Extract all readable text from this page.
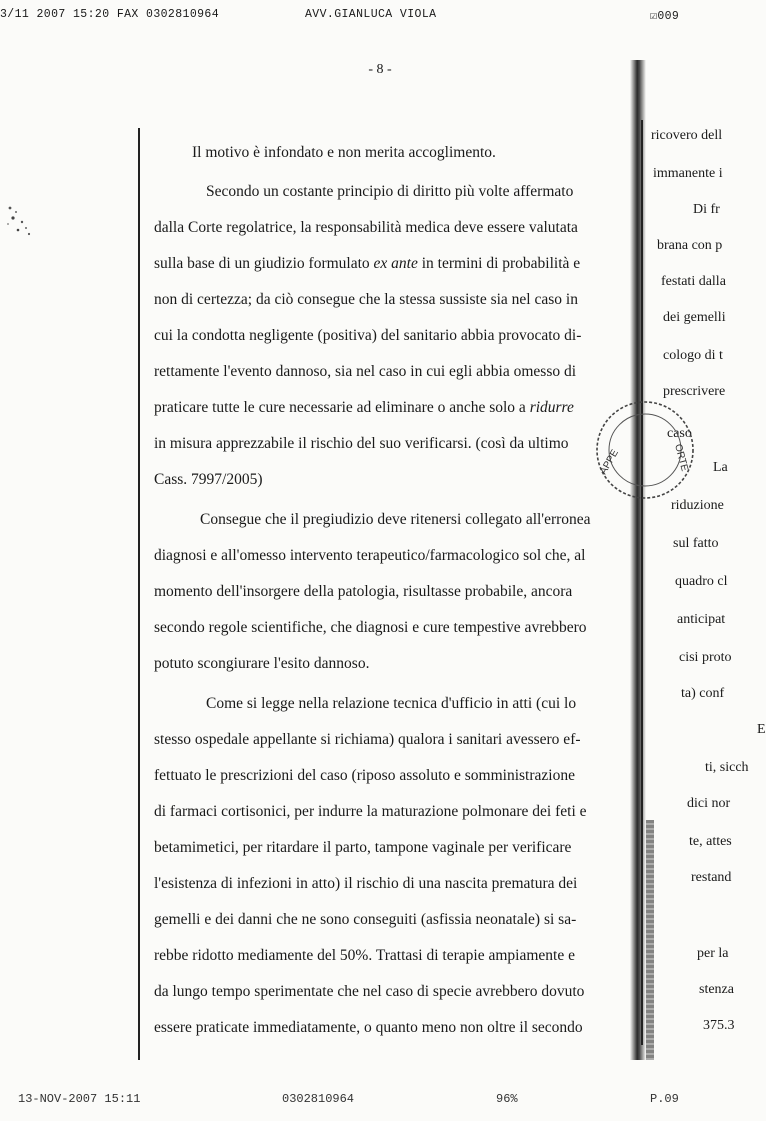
3/11 2007 15:20 FAX 0302810964	AVV.GIANLUCA VIOLA	☑009
- 8 -
Il motivo è infondato e non merita accoglimento.
Secondo un costante principio di diritto più volte affermato
dalla Corte regolatrice, la responsabilità medica deve essere valutata
sulla base di un giudizio formulato ex ante in termini di probabilità e
non di certezza; da ciò consegue che la stessa sussiste sia nel caso in
cui la condotta negligente (positiva) del sanitario abbia provocato di-
rettamente l'evento dannoso, sia nel caso in cui egli abbia omesso di
praticare tutte le cure necessarie ad eliminare o anche solo a ridurre
in misura apprezzabile il rischio del suo verificarsi. (così da ultimo
Cass. 7997/2005)
Consegue che il pregiudizio deve ritenersi collegato all'erronea
diagnosi e all'omesso intervento terapeutico/farmacologico sol che, al
momento dell'insorgere della patologia, risultasse probabile, ancora
secondo regole scientifiche, che diagnosi e cure tempestive avrebbero
potuto scongiurare l'esito dannoso.
Come si legge nella relazione tecnica d'ufficio in atti (cui lo
stesso ospedale appellante si richiama) qualora i sanitari avessero ef-
fettuato le prescrizioni del caso (riposo assoluto e somministrazione
di farmaci cortisonici, per indurre la maturazione polmonare dei feti e
betamimetici, per ritardare il parto, tampone vaginale per verificare
l'esistenza di infezioni in atto) il rischio di una nascita prematura dei
gemelli e dei danni che ne sono conseguiti (asfissia neonatale) si sa-
rebbe ridotto mediamente del 50%. Trattasi di terapie ampiamente e
da lungo tempo sperimentate che nel caso di specie avrebbero dovuto
essere praticate immediatamente, o quanto meno non oltre il secondo
ricovero dell
immanente i
Di fr
brana con p
festati dalla
dei gemelli
cologo di t
prescrivere
caso
La
riduzione
sul fatto
quadro cl
anticipat
cisi proto
ta) conf
E
ti, sicch
dici nor
te, attes
restand
per la
stenza
375.3
APPE	ORTE
13-NOV-2007 15:11	0302810964	96%	P.09
